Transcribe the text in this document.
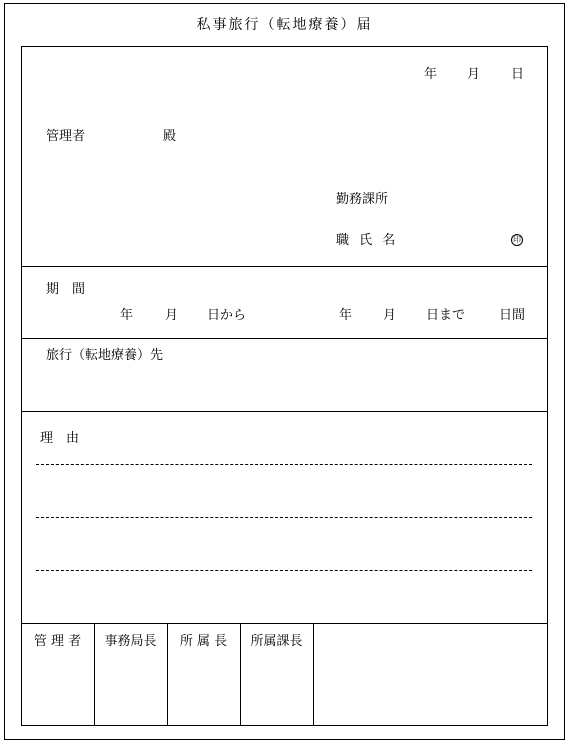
私事旅行（転地療養）届
年 月 日
管理者	殿
勤務課所
職 氏 名	印
期　間
年 月 日から	年 月 日まで	日間
旅行（転地療養）先
理　由
管 理 者	事務局長	所 属 長	所属課長
